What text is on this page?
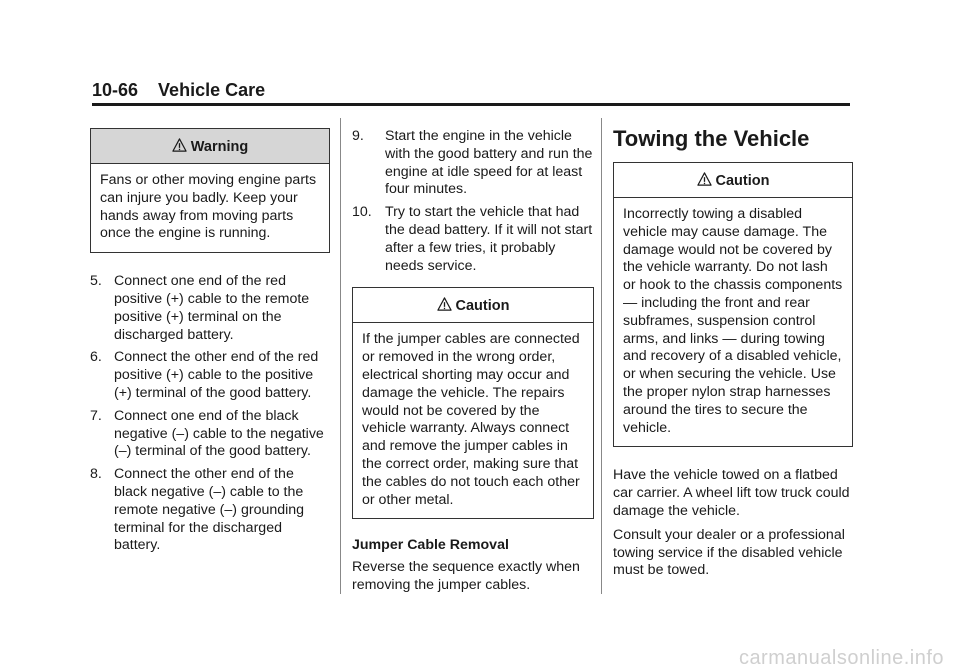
10-66 Vehicle Care
Warning
Fans or other moving engine parts can injure you badly. Keep your hands away from moving parts once the engine is running.
5. Connect one end of the red positive (+) cable to the remote positive (+) terminal on the discharged battery.
6. Connect the other end of the red positive (+) cable to the positive (+) terminal of the good battery.
7. Connect one end of the black negative (–) cable to the negative (–) terminal of the good battery.
8. Connect the other end of the black negative (–) cable to the remote negative (–) grounding terminal for the discharged battery.
9. Start the engine in the vehicle with the good battery and run the engine at idle speed for at least four minutes.
10. Try to start the vehicle that had the dead battery. If it will not start after a few tries, it probably needs service.
Caution
If the jumper cables are connected or removed in the wrong order, electrical shorting may occur and damage the vehicle. The repairs would not be covered by the vehicle warranty. Always connect and remove the jumper cables in the correct order, making sure that the cables do not touch each other or other metal.
Jumper Cable Removal
Reverse the sequence exactly when removing the jumper cables.
Towing the Vehicle
Caution
Incorrectly towing a disabled vehicle may cause damage. The damage would not be covered by the vehicle warranty. Do not lash or hook to the chassis components — including the front and rear subframes, suspension control arms, and links — during towing and recovery of a disabled vehicle, or when securing the vehicle. Use the proper nylon strap harnesses around the tires to secure the vehicle.
Have the vehicle towed on a flatbed car carrier. A wheel lift tow truck could damage the vehicle.
Consult your dealer or a professional towing service if the disabled vehicle must be towed.
carmanualsonline.info
